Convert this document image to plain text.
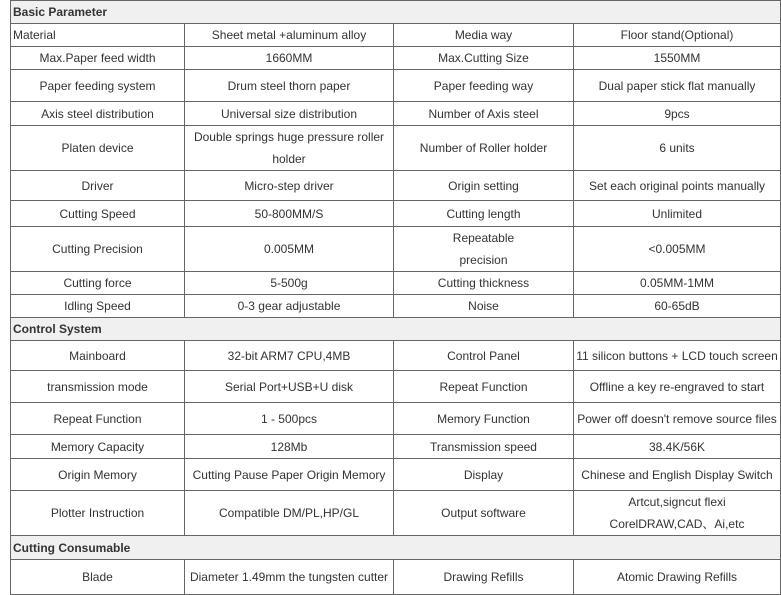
Basic Parameter			
Material	Sheet metal +aluminum alloy	Media way	Floor stand(Optional)
Max.Paper feed width	1660MM	Max.Cutting Size	1550MM
Paper feeding system	Drum steel thorn paper	Paper feeding way	Dual paper stick flat manually
Axis steel distribution	Universal size distribution	Number of Axis steel	9pcs
Platen device	Double springs huge pressure roller holder	Number of Roller holder	6 units
Driver	Micro-step driver	Origin setting	Set each original points manually
Cutting Speed	50-800MM/S	Cutting length	Unlimited
Cutting Precision	0.005MM	Repeatable precision	<0.005MM
Cutting force	5-500g	Cutting thickness	0.05MM-1MM
Idling Speed	0-3 gear adjustable	Noise	60-65dB
Control System			
Mainboard	32-bit ARM7 CPU,4MB	Control Panel	11 silicon buttons + LCD touch screen
transmission mode	Serial Port+USB+U disk	Repeat Function	Offline a key re-engraved to start
Repeat Function	1 - 500pcs	Memory Function	Power off doesn't remove source files
Memory Capacity	128Mb	Transmission speed	38.4K/56K
Origin Memory	Cutting Pause Paper Origin Memory	Display	Chinese and English Display Switch
Plotter Instruction	Compatible DM/PL,HP/GL	Output software	Artcut,signcut flexi CorelDRAW,CAD、Ai,etc
Cutting Consumable			
Blade	Diameter 1.49mm the tungsten cutter	Drawing Refills	Atomic Drawing Refills
